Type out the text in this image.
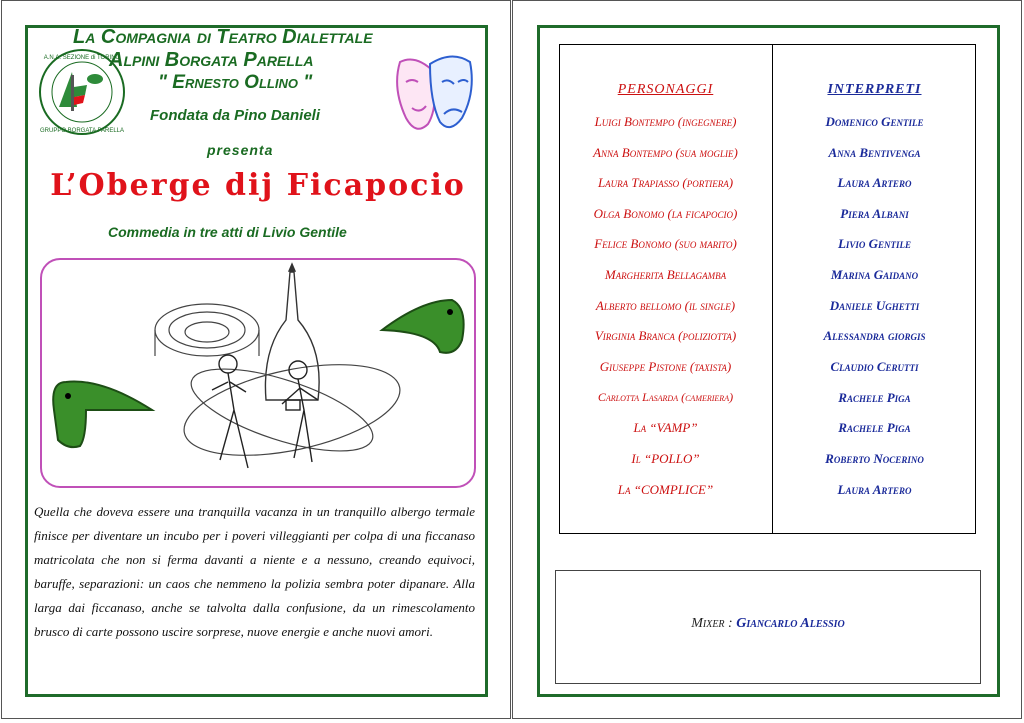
A.N.A. SEZIONE di TORINO
GRUPPO BORGATA PARELLA
La Compagnia di Teatro Dialettale
Alpini Borgata Parella
" Ernesto Ollino "
Fondata da Pino Danieli
presenta
L’Oberge dij Ficapocio
Commedia in tre atti di Livio Gentile
Quella che doveva essere una tranquilla vacanza in un tranquillo albergo termale finisce per diventare un incubo per i poveri villeggianti per colpa di una ficcanaso matricolata che non si ferma davanti a niente e a nessuno, creando equivoci, baruffe, separazioni: un caos che nemmeno la polizia sembra poter dipanare. Alla larga dai ficcanaso, anche se talvolta dalla confusione, da un rimescolamento brusco di carte possono uscire sorprese, nuove energie e anche nuovi amori.
PERSONAGGI	INTERPRETI
Luigi Bontempo (ingegnere)	Domenico Gentile
Anna Bontempo (sua moglie)	Anna Bentivenga
Laura Trapiasso (portiera)	Laura Artero
Olga Bonomo (la ficapocio)	Piera Albani
Felice Bonomo (suo marito)	Livio Gentile
Margherita Bellagamba	Marina Gaidano
Alberto bellomo (il single)	Daniele Ughetti
Virginia Branca (poliziotta)	Alessandra giorgis
Giuseppe Pistone (taxista)	Claudio Cerutti
Carlotta Lasarda (cameriera)	Rachele Piga
La “VAMP”	Rachele Piga
Il “POLLO”	Roberto Nocerino
La “COMPLICE”	Laura Artero
Mixer : Giancarlo Alessio
